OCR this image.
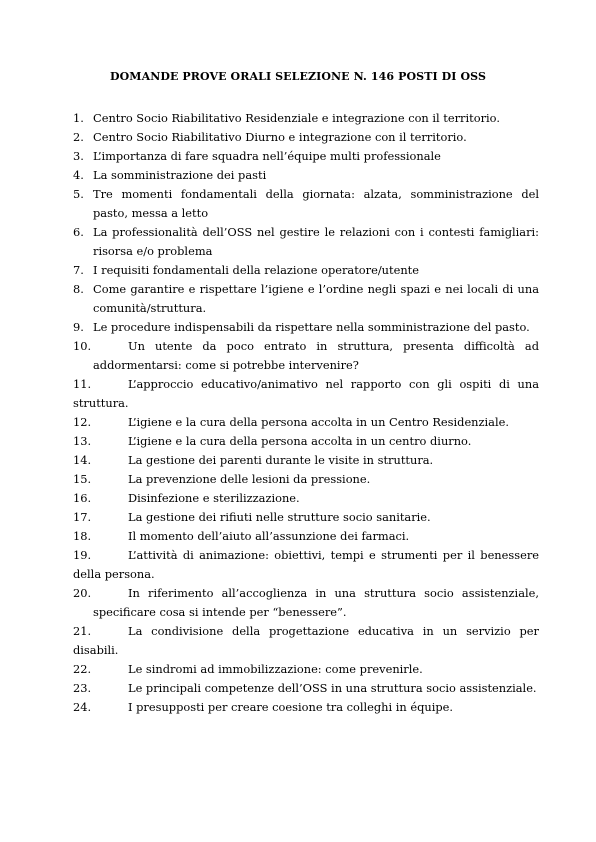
DOMANDE PROVE ORALI SELEZIONE N. 146 POSTI DI OSS
1. Centro Socio Riabilitativo Residenziale e integrazione con il territorio.
2. Centro Socio Riabilitativo Diurno e integrazione con il territorio.
3. L’importanza di fare squadra nell’équipe multi professionale
4. La somministrazione dei pasti
5. Tre momenti fondamentali della giornata: alzata, somministrazione del pasto, messa a letto
6. La professionalità dell’OSS nel gestire le relazioni con i contesti famigliari: risorsa e/o problema
7. I requisiti fondamentali della relazione operatore/utente
8. Come garantire e rispettare l’igiene e l’ordine negli spazi e nei locali di una comunità/struttura.
9. Le procedure indispensabili da rispettare nella somministrazione del pasto.
10.	Un utente da poco entrato in struttura, presenta difficoltà ad addormentarsi: come si potrebbe intervenire?
11.	L’approccio educativo/animativo nel rapporto con gli ospiti di una struttura.
12.	L’igiene e la cura della persona accolta in un Centro Residenziale.
13.	L’igiene e la cura della persona accolta in un centro diurno.
14.	La gestione dei parenti durante le visite in struttura.
15.	La prevenzione delle lesioni da pressione.
16.	Disinfezione e sterilizzazione.
17.	La gestione dei rifiuti nelle strutture socio sanitarie.
18.	Il momento dell’aiuto all’assunzione dei farmaci.
19.	L’attività di animazione: obiettivi, tempi e strumenti per il benessere della persona.
20.	In riferimento all’accoglienza in una struttura socio assistenziale, specificare cosa si intende per “benessere”.
21.	La condivisione della progettazione educativa in un servizio per disabili.
22.	Le sindromi ad immobilizzazione: come prevenirle.
23.	Le principali competenze dell’OSS in una struttura socio assistenziale.
24.	I presupposti per creare coesione tra colleghi in équipe.
